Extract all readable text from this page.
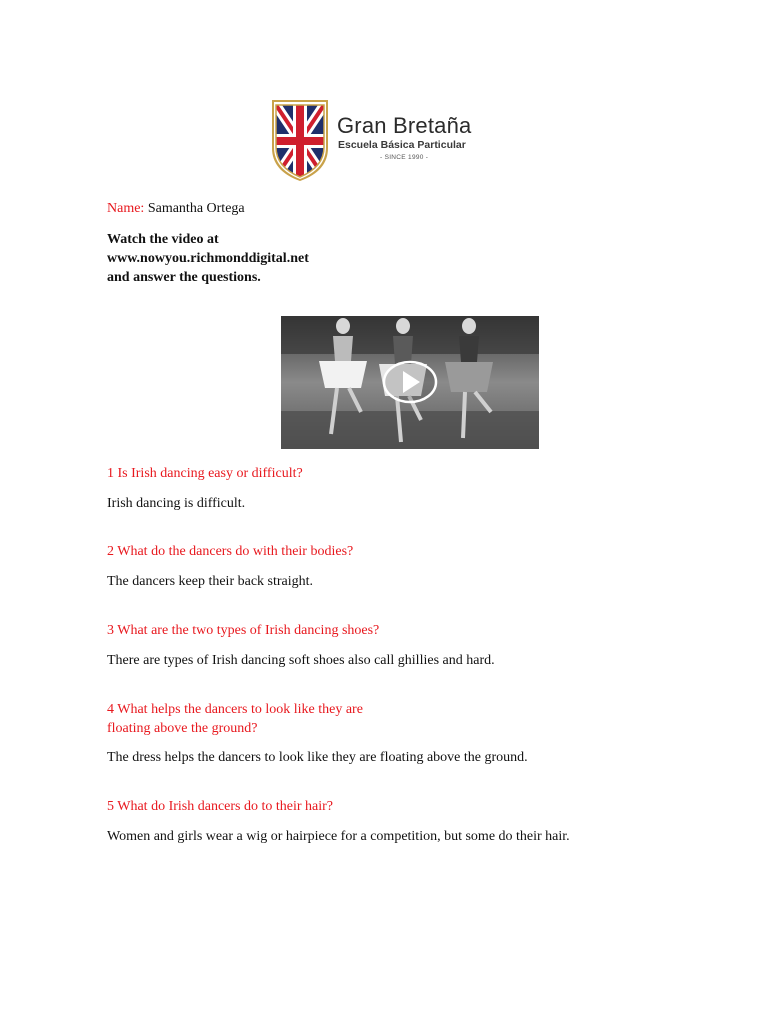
Gran Bretaña
Escuela Básica Particular
- SINCE 1990 -
Name: Samantha Ortega
Watch the video at
www.nowyou.richmonddigital.net
and answer the questions.
1 Is Irish dancing easy or difficult?
Irish dancing is difficult.
2 What do the dancers do with their bodies?
The dancers keep their back straight.
3 What are the two types of Irish dancing shoes?
There are types of Irish dancing soft shoes also call ghillies and hard.
4 What helps the dancers to look like they are
floating above the ground?
The dress helps the dancers to look like they are floating above the ground.
5 What do Irish dancers do to their hair?
Women and girls wear a wig or hairpiece for a competition, but some do their hair.
